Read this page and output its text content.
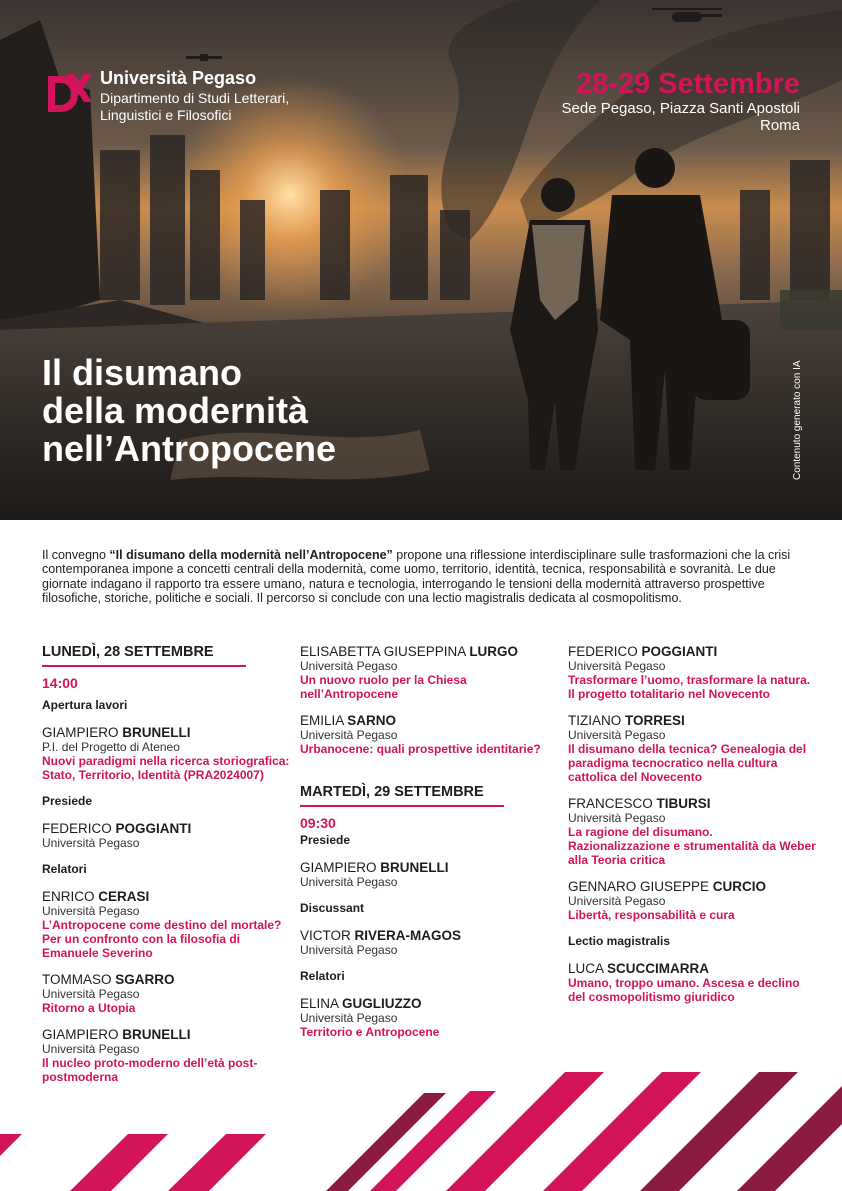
Università Pegaso
Dipartimento di Studi Letterari, Linguistici e Filosofici
28-29 Settembre
Sede Pegaso, Piazza Santi Apostoli
Roma
Il disumano
della modernità
nell’Antropocene	Contenuto generato con IA

Il convegno “Il disumano della modernità nell’Antropocene” propone una riflessione interdisciplinare sulle trasformazioni che la crisi contemporanea impone a concetti centrali della modernità, come uomo, territorio, identità, tecnica, responsabilità e sovranità. Le due giornate indagano il rapporto tra essere umano, natura e tecnologia, interrogando le tensioni della modernità attraverso prospettive filosofiche, storiche, politiche e sociali. Il percorso si conclude con una lectio magistralis dedicata al cosmopolitismo.

LUNEDÌ, 28 SETTEMBRE
14:00
Apertura lavori
GIAMPIERO BRUNELLI
P.I. del Progetto di Ateneo
Nuovi paradigmi nella ricerca storiografica: Stato, Territorio, Identità (PRA2024007)
Presiede
FEDERICO POGGIANTI
Università Pegaso
Relatori
ENRICO CERASI
Università Pegaso
L’Antropocene come destino del mortale? Per un confronto con la filosofia di Emanuele Severino
TOMMASO SGARRO
Università Pegaso
Ritorno a Utopia
GIAMPIERO BRUNELLI
Università Pegaso
Il nucleo proto-moderno dell’età post-postmoderna
ELISABETTA GIUSEPPINA LURGO
Università Pegaso
Un nuovo ruolo per la Chiesa nell’Antropocene
EMILIA SARNO
Università Pegaso
Urbanocene: quali prospettive identitarie?
MARTEDÌ, 29 SETTEMBRE
09:30
Presiede
GIAMPIERO BRUNELLI
Università Pegaso
Discussant
VICTOR RIVERA-MAGOS
Università Pegaso
Relatori
ELINA GUGLIUZZO
Università Pegaso
Territorio e Antropocene
FEDERICO POGGIANTI
Università Pegaso
Trasformare l’uomo, trasformare la natura. Il progetto totalitario nel Novecento
TIZIANO TORRESI
Università Pegaso
Il disumano della tecnica? Genealogia del paradigma tecnocratico nella cultura cattolica del Novecento
FRANCESCO TIBURSI
Università Pegaso
La ragione del disumano. Razionalizzazione e strumentalità da Weber alla Teoria critica
GENNARO GIUSEPPE CURCIO
Università Pegaso
Libertà, responsabilità e cura
Lectio magistralis
LUCA SCUCCIMARRA
Umano, troppo umano. Ascesa e declino del cosmopolitismo giuridico
